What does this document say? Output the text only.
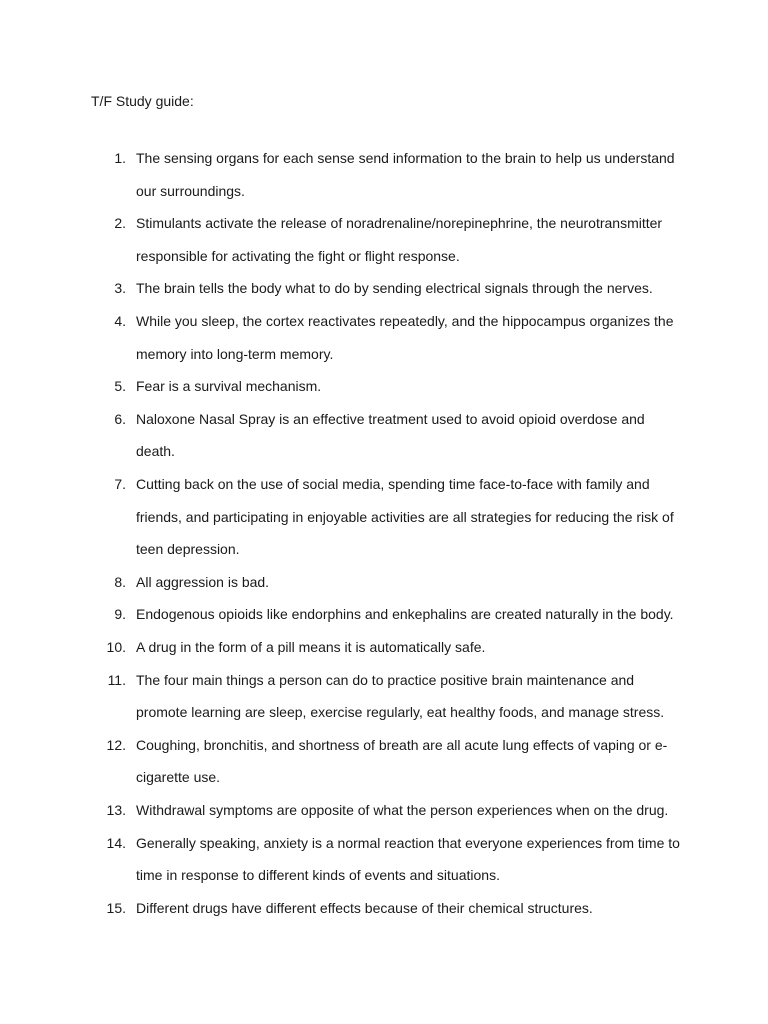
T/F Study guide:
1. The sensing organs for each sense send information to the brain to help us understand
our surroundings.
2. Stimulants activate the release of noradrenaline/norepinephrine, the neurotransmitter
responsible for activating the fight or flight response.
3. The brain tells the body what to do by sending electrical signals through the nerves.
4. While you sleep, the cortex reactivates repeatedly, and the hippocampus organizes the
memory into long-term memory.
5. Fear is a survival mechanism.
6. Naloxone Nasal Spray is an effective treatment used to avoid opioid overdose and
death.
7. Cutting back on the use of social media, spending time face-to-face with family and
friends, and participating in enjoyable activities are all strategies for reducing the risk of
teen depression.
8. All aggression is bad.
9. Endogenous opioids like endorphins and enkephalins are created naturally in the body.
10. A drug in the form of a pill means it is automatically safe.
11. The four main things a person can do to practice positive brain maintenance and
promote learning are sleep, exercise regularly, eat healthy foods, and manage stress.
12. Coughing, bronchitis, and shortness of breath are all acute lung effects of vaping or e-
cigarette use.
13. Withdrawal symptoms are opposite of what the person experiences when on the drug.
14. Generally speaking, anxiety is a normal reaction that everyone experiences from time to
time in response to different kinds of events and situations.
15. Different drugs have different effects because of their chemical structures.
